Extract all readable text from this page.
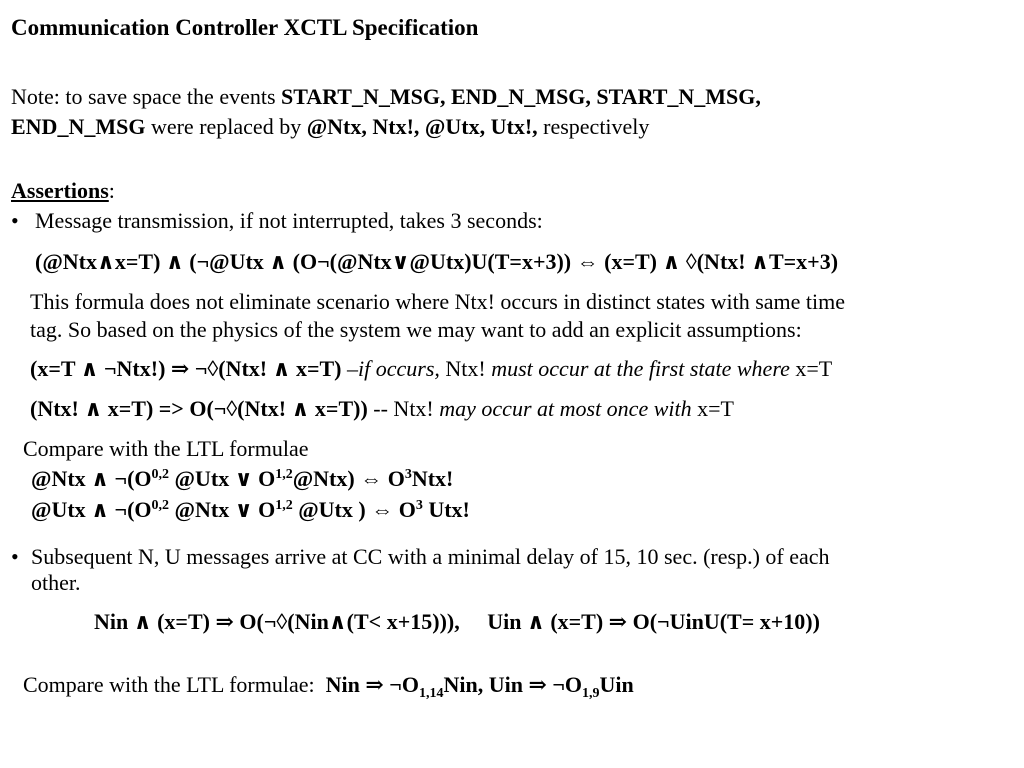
Communication Controller XCTL Specification
Note: to save space the events START_N_MSG, END_N_MSG, START_N_MSG,
END_N_MSG were replaced by @Ntx, Ntx!, @Utx, Utx!, respectively
Assertions:
• Message transmission, if not interrupted, takes 3 seconds:
(@Ntx∧x=T) ∧ (¬@Utx ∧ (O¬(@Ntx∨@Utx)U(T=x+3)) ⇔ (x=T) ∧ ◊(Ntx! ∧T=x+3)
This formula does not eliminate scenario where Ntx! occurs in distinct states with same time
tag. So based on the physics of the system we may want to add an explicit assumptions:
(x=T ∧ ¬Ntx!) ⇒ ¬◊(Ntx! ∧ x=T) –if occurs, Ntx! must occur at the first state where x=T
(Ntx! ∧ x=T) => O(¬◊(Ntx! ∧ x=T)) -- Ntx! may occur at most once with x=T
Compare with the LTL formulae
@Ntx ∧ $\neg(O^{0,2}$ @Utx ∨ O$^{1,2}$@Ntx) ⇔ $O^3Ntx$!
@Utx ∧ $\neg(O^{0,2}$ @Ntx ∨ O$^{1,2}$ @Utx ) ⇔ $O^3$ Utx!
• Subsequent N, U messages arrive at CC with a minimal delay of 15, 10 sec. (resp.) of each
other.
Nin ∧ (x=T) ⇒ O(¬◊(Nin∧(T< x+15))),     Uin ∧ (x=T) ⇒ O(¬UinU(T= x+10))
Compare with the LTL formulae:  Nin ⇒ $\neg O_{1,14}Nin$, Uin ⇒ $\neg O_{1,9}Uin$
